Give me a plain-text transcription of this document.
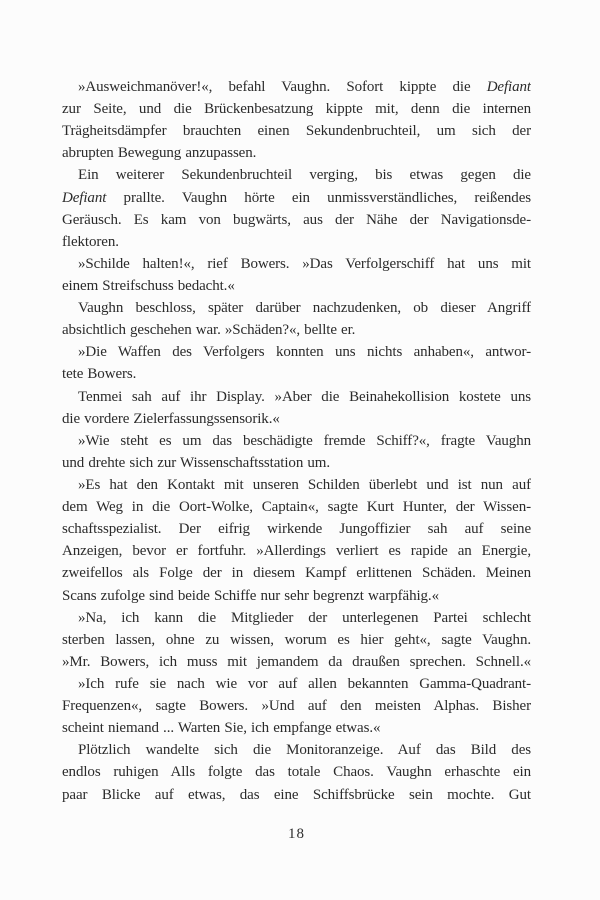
»Ausweichmanöver!«, befahl Vaughn. Sofort kippte die Defiant
zur Seite, und die Brückenbesatzung kippte mit, denn die internen
Trägheitsdämpfer brauchten einen Sekundenbruchteil, um sich der
abrupten Bewegung anzupassen.
Ein weiterer Sekundenbruchteil verging, bis etwas gegen die
Defiant prallte. Vaughn hörte ein unmissverständliches, reißendes
Geräusch. Es kam von bugwärts, aus der Nähe der Navigationsde-
flektoren.
»Schilde halten!«, rief Bowers. »Das Verfolgerschiff hat uns mit
einem Streifschuss bedacht.«
Vaughn beschloss, später darüber nachzudenken, ob dieser Angriff
absichtlich geschehen war. »Schäden?«, bellte er.
»Die Waffen des Verfolgers konnten uns nichts anhaben«, antwor-
tete Bowers.
Tenmei sah auf ihr Display. »Aber die Beinahekollision kostete uns
die vordere Zielerfassungssensorik.«
»Wie steht es um das beschädigte fremde Schiff?«, fragte Vaughn
und drehte sich zur Wissenschaftsstation um.
»Es hat den Kontakt mit unseren Schilden überlebt und ist nun auf
dem Weg in die Oort-Wolke, Captain«, sagte Kurt Hunter, der Wissen-
schaftsspezialist. Der eifrig wirkende Jungoffizier sah auf seine
Anzeigen, bevor er fortfuhr. »Allerdings verliert es rapide an Energie,
zweifellos als Folge der in diesem Kampf erlittenen Schäden. Meinen
Scans zufolge sind beide Schiffe nur sehr begrenzt warpfähig.«
»Na, ich kann die Mitglieder der unterlegenen Partei schlecht
sterben lassen, ohne zu wissen, worum es hier geht«, sagte Vaughn.
»Mr. Bowers, ich muss mit jemandem da draußen sprechen. Schnell.«
»Ich rufe sie nach wie vor auf allen bekannten Gamma-Quadrant-
Frequenzen«, sagte Bowers. »Und auf den meisten Alphas. Bisher
scheint niemand ... Warten Sie, ich empfange etwas.«
Plötzlich wandelte sich die Monitoranzeige. Auf das Bild des
endlos ruhigen Alls folgte das totale Chaos. Vaughn erhaschte ein
paar Blicke auf etwas, das eine Schiffsbrücke sein mochte. Gut
18
